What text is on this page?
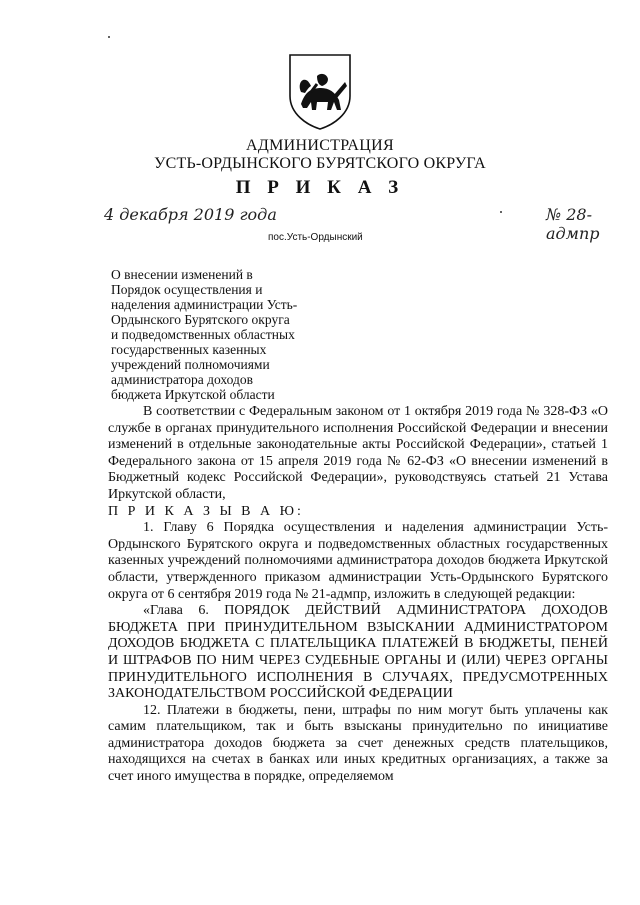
АДМИНИСТРАЦИЯ
УСТЬ-ОРДЫНСКОГО БУРЯТСКОГО ОКРУГА
П Р И К А З
4 декабря 2019 года	№ 28-адмпр
пос.Усть-Ордынский
О внесении изменений в
Порядок осуществления и
наделения администрации Усть-
Ордынского Бурятского округа
и подведомственных областных
государственных казенных
учреждений полномочиями
администратора доходов
бюджета Иркутской области

В соответствии с Федеральным законом от 1 октября 2019 года № 328-ФЗ «О службе в органах принудительного исполнения Российской Федерации и внесении изменений в отдельные законодательные акты Российской Федерации», статьей 1 Федерального закона от 15 апреля 2019 года № 62-ФЗ «О внесении изменений в Бюджетный кодекс Российской Федерации», руководствуясь статьей 21 Устава Иркутской области,

П Р И К А З Ы В А Ю:

1. Главу 6 Порядка осуществления и наделения администрации Усть-Ордынского Бурятского округа и подведомственных областных государственных казенных учреждений полномочиями администратора доходов бюджета Иркутской области, утвержденного приказом администрации Усть-Ордынского Бурятского округа от 6 сентября 2019 года № 21-адмпр, изложить в следующей редакции:

«Глава 6. ПОРЯДОК ДЕЙСТВИЙ АДМИНИСТРАТОРА ДОХОДОВ БЮДЖЕТА ПРИ ПРИНУДИТЕЛЬНОМ ВЗЫСКАНИИ АДМИНИСТРАТОРОМ ДОХОДОВ БЮДЖЕТА С ПЛАТЕЛЬЩИКА ПЛАТЕЖЕЙ В БЮДЖЕТЫ, ПЕНЕЙ И ШТРАФОВ ПО НИМ ЧЕРЕЗ СУДЕБНЫЕ ОРГАНЫ И (ИЛИ) ЧЕРЕЗ ОРГАНЫ ПРИНУДИТЕЛЬНОГО ИСПОЛНЕНИЯ В СЛУЧАЯХ, ПРЕДУСМОТРЕННЫХ ЗАКОНОДАТЕЛЬСТВОМ РОССИЙСКОЙ ФЕДЕРАЦИИ

12. Платежи в бюджеты, пени, штрафы по ним могут быть уплачены как самим плательщиком, так и быть взысканы принудительно по инициативе администратора доходов бюджета за счет денежных средств плательщиков, находящихся на счетах в банках или иных кредитных организациях, а также за счет иного имущества в порядке, определяемом
